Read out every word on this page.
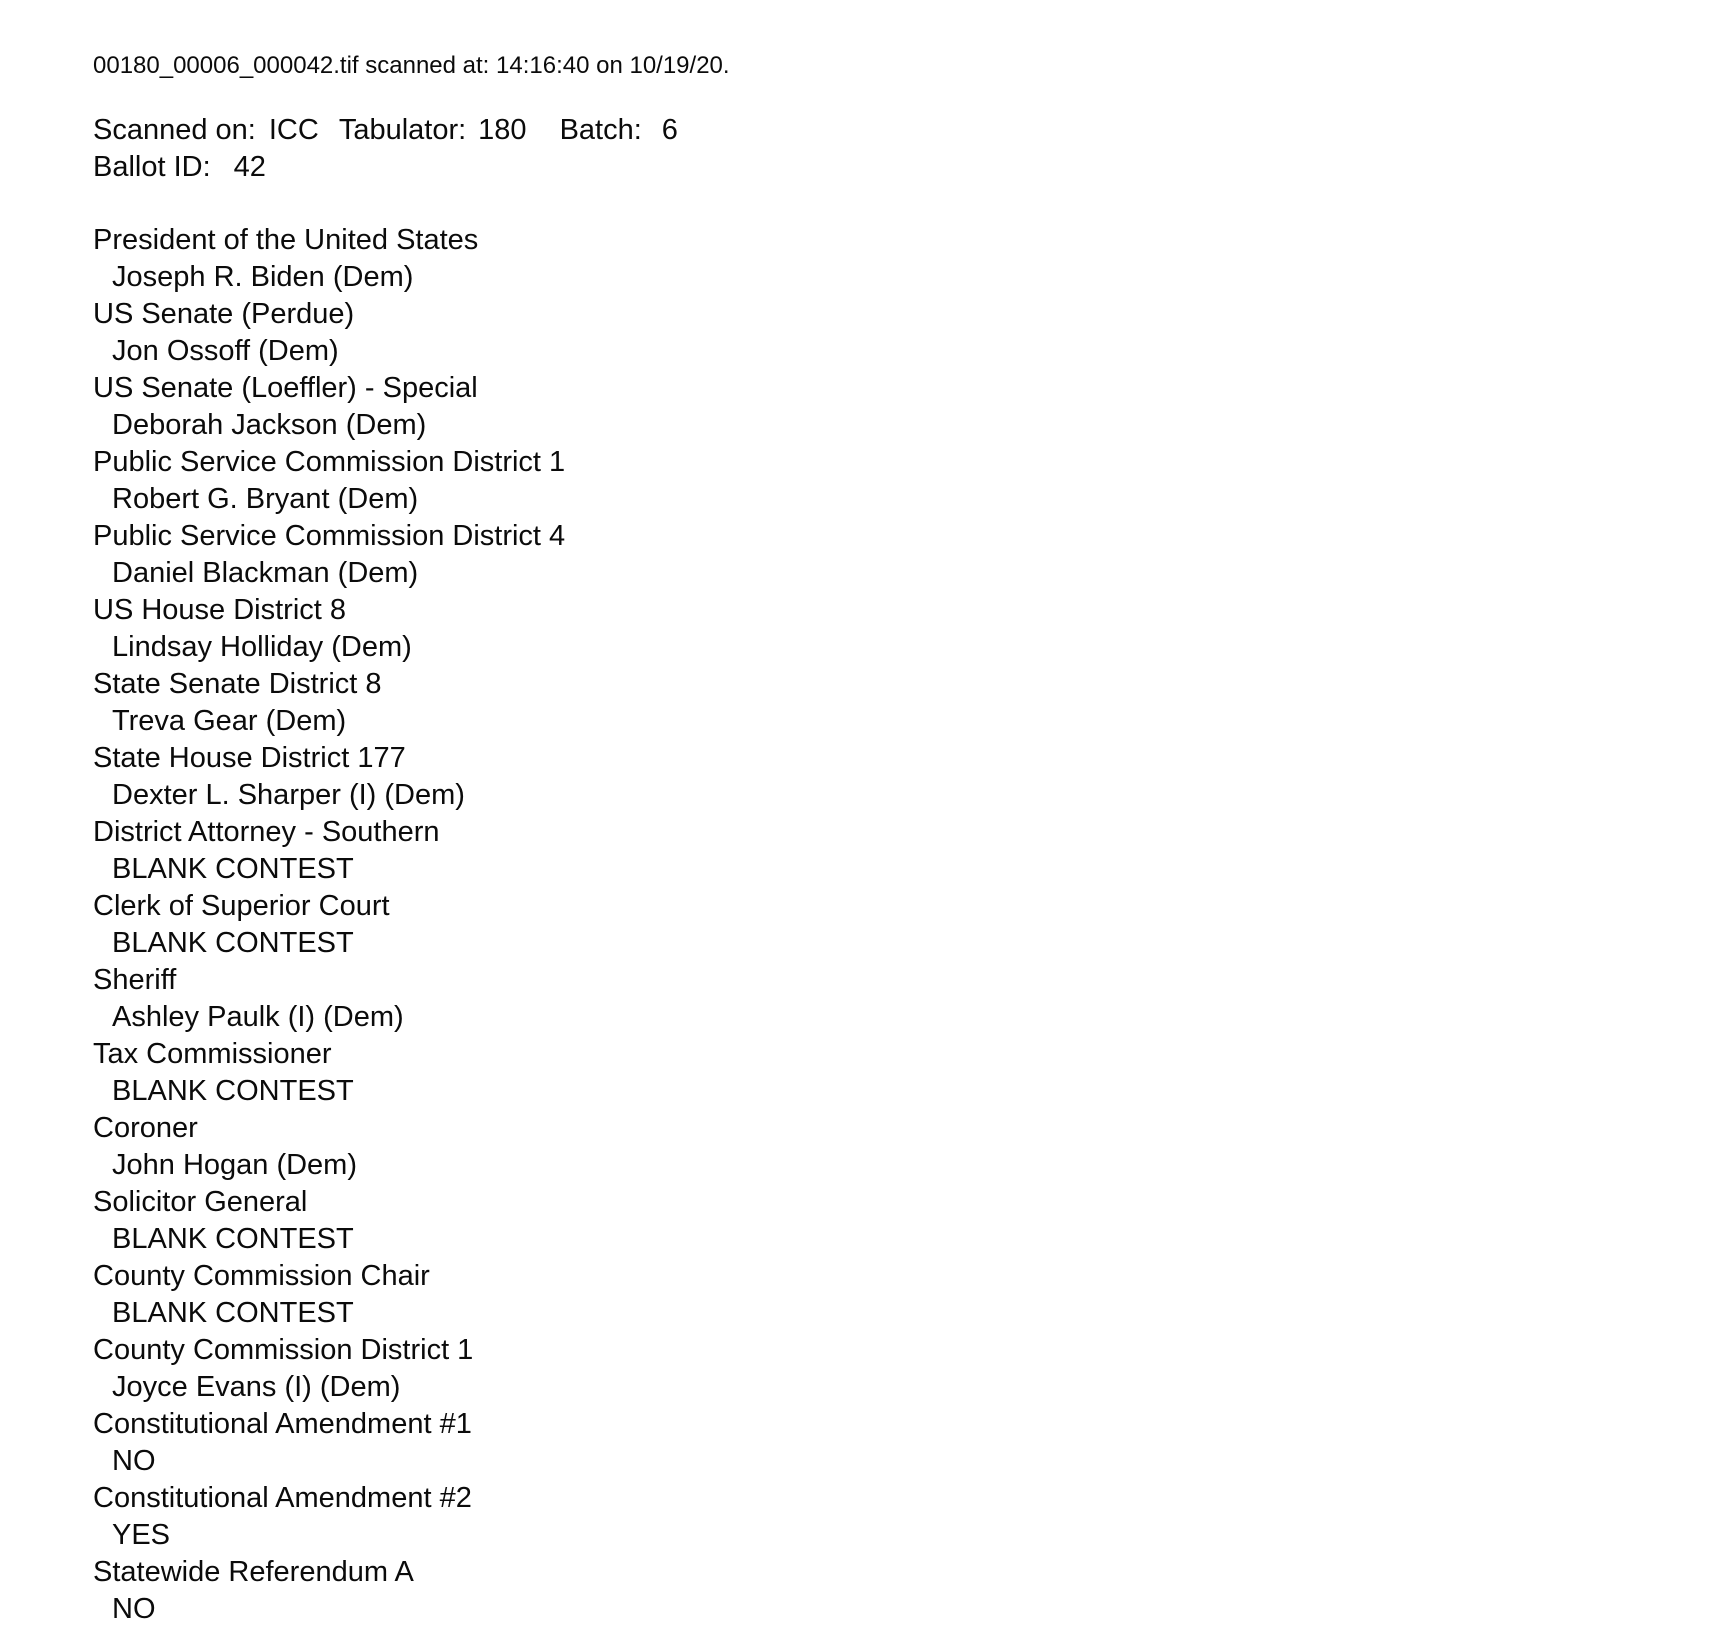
00180_00006_000042.tif scanned at: 14:16:40 on 10/19/20.
Scanned on: ICC Tabulator: 180 Batch: 6
Ballot ID: 42
President of the United States
Joseph R. Biden (Dem)
US Senate (Perdue)
Jon Ossoff (Dem)
US Senate (Loeffler) - Special
Deborah Jackson (Dem)
Public Service Commission District 1
Robert G. Bryant (Dem)
Public Service Commission District 4
Daniel Blackman (Dem)
US House District 8
Lindsay Holliday (Dem)
State Senate District 8
Treva Gear (Dem)
State House District 177
Dexter L. Sharper (I) (Dem)
District Attorney - Southern
BLANK CONTEST
Clerk of Superior Court
BLANK CONTEST
Sheriff
Ashley Paulk (I) (Dem)
Tax Commissioner
BLANK CONTEST
Coroner
John Hogan (Dem)
Solicitor General
BLANK CONTEST
County Commission Chair
BLANK CONTEST
County Commission District 1
Joyce Evans (I) (Dem)
Constitutional Amendment #1
NO
Constitutional Amendment #2
YES
Statewide Referendum A
NO
